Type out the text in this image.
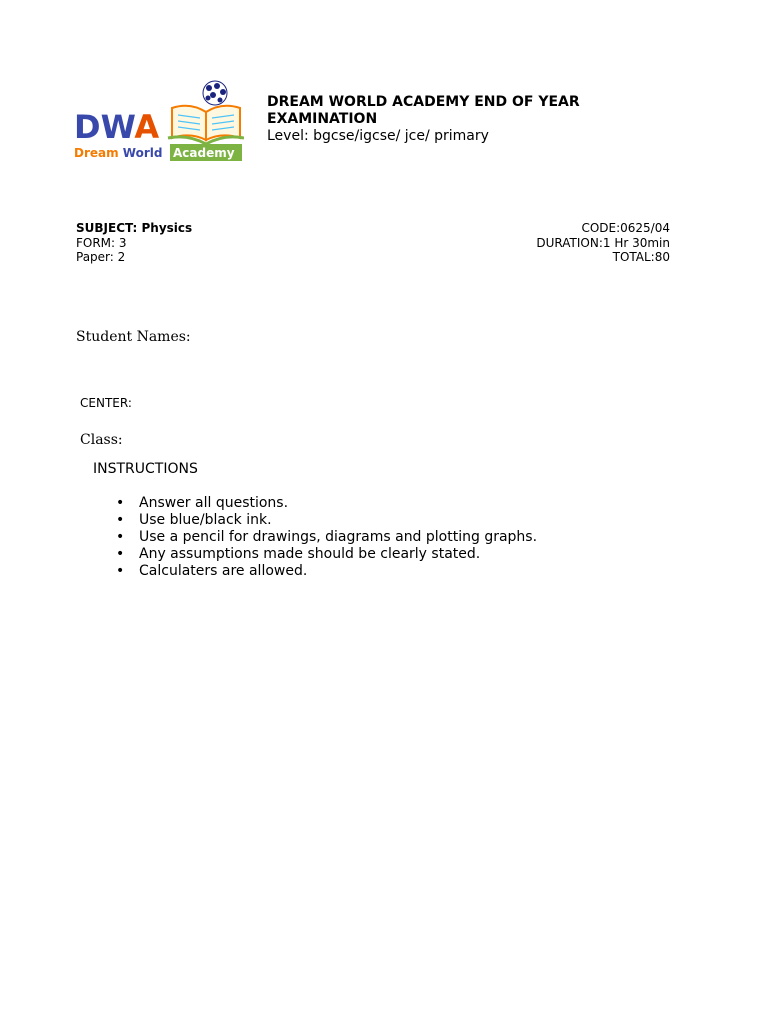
DWA
Dream World Academy
DREAM WORLD ACADEMY END OF YEAR EXAMINATION
Level: bgcse/igcse/ jce/ primary
SUBJECT: Physics
FORM: 3
Paper: 2
CODE:0625/04
DURATION:1 Hr 30min
TOTAL:80
Student Names:
CENTER:
Class:
INSTRUCTIONS
• Answer all questions.
• Use blue/black ink.
• Use a pencil for drawings, diagrams and plotting graphs.
• Any assumptions made should be clearly stated.
• Calculaters are allowed.
